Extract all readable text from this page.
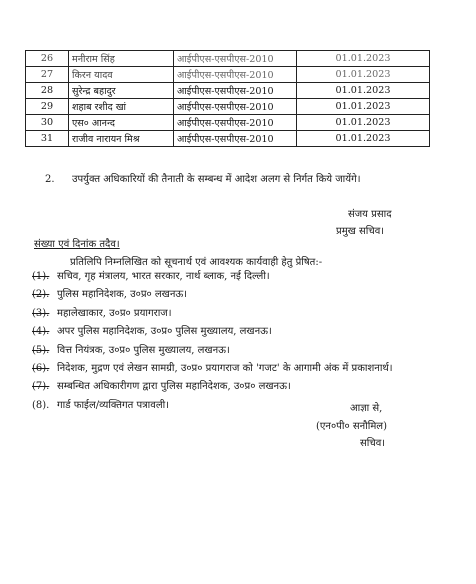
26	मनीराम सिंह	आईपीएस-एसपीएस-2010	01.01.2023
27	किरन यादव	आईपीएस-एसपीएस-2010	01.01.2023
28	सुरेन्द्र बहादुर	आईपीएस-एसपीएस-2010	01.01.2023
29	शहाब रशीद खां	आईपीएस-एसपीएस-2010	01.01.2023
30	एस० आनन्द	आईपीएस-एसपीएस-2010	01.01.2023
31	राजीव नारायन मिश्र	आईपीएस-एसपीएस-2010	01.01.2023
2. उपर्युक्त अधिकारियों की तैनाती के सम्बन्ध में आदेश अलग से निर्गत किये जायेंगे।
संजय प्रसाद
प्रमुख सचिव।
संख्या एवं दिनांक तदैव।
प्रतिलिपि निम्नलिखित को सूचनार्थ एवं आवश्यक कार्यवाही हेतु प्रेषित:-
(1). सचिव, गृह मंत्रालय, भारत सरकार, नार्थ ब्लाक, नई दिल्ली।
(2). पुलिस महानिदेशक, उ०प्र० लखनऊ।
(3). महालेखाकार, उ०प्र० प्रयागराज।
(4). अपर पुलिस महानिदेशक, उ०प्र० पुलिस मुख्यालय, लखनऊ।
(5). वित्त नियंत्रक, उ०प्र० पुलिस मुख्यालय, लखनऊ।
(6). निदेशक, मुद्रण एवं लेखन सामग्री, उ०प्र० प्रयागराज को 'गजट' के आगामी अंक में प्रकाशनार्थ।
(7). सम्बन्धित अधिकारीगण द्वारा पुलिस महानिदेशक, उ०प्र० लखनऊ।
(8). गार्ड फाईल/व्यक्तिगत पत्रावली।	आज्ञा से,
(एन०पी० सनौमिल)
सचिव।
